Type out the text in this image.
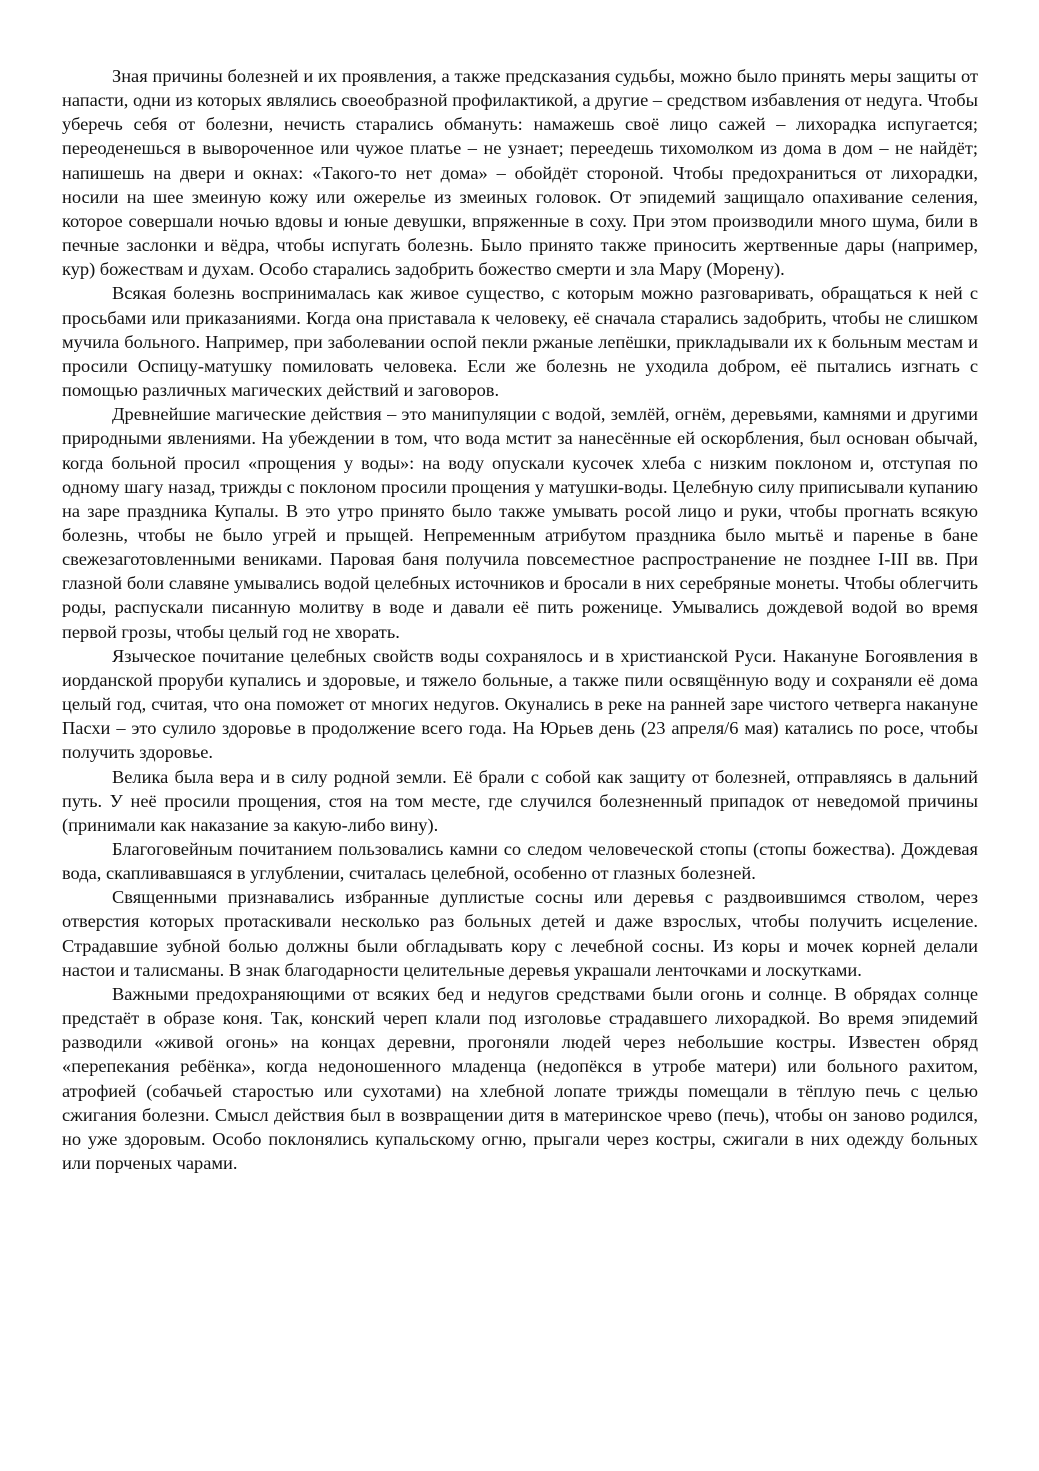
Зная причины болезней и их проявления, а также предсказания судьбы, можно было принять меры защиты от напасти, одни из которых являлись своеобразной профилактикой, а другие – средством избавления от недуга. Чтобы уберечь себя от болезни, нечисть старались обмануть: намажешь своё лицо сажей – лихорадка испугается; переоденешься в вывороченное или чужое платье – не узнает; переедешь тихомолком из дома в дом – не найдёт; напишешь на двери и окнах: «Такого-то нет дома» – обойдёт стороной. Чтобы предохраниться от лихорадки, носили на шее змеиную кожу или ожерелье из змеиных головок. От эпидемий защищало опахивание селения, которое совершали ночью вдовы и юные девушки, впряженные в соху. При этом производили много шума, били в печные заслонки и вёдра, чтобы испугать болезнь. Было принято также приносить жертвенные дары (например, кур) божествам и духам. Особо старались задобрить божество смерти и зла Мару (Морену).

Всякая болезнь воспринималась как живое существо, с которым можно разговаривать, обращаться к ней с просьбами или приказаниями. Когда она приставала к человеку, её сначала старались задобрить, чтобы не слишком мучила больного. Например, при заболевании оспой пекли ржаные лепёшки, прикладывали их к больным местам и просили Оспицу-матушку помиловать человека. Если же болезнь не уходила добром, её пытались изгнать с помощью различных магических действий и заговоров.

Древнейшие магические действия – это манипуляции с водой, землёй, огнём, деревьями, камнями и другими природными явлениями. На убеждении в том, что вода мстит за нанесённые ей оскорбления, был основан обычай, когда больной просил «прощения у воды»: на воду опускали кусочек хлеба с низким поклоном и, отступая по одному шагу назад, трижды с поклоном просили прощения у матушки-воды. Целебную силу приписывали купанию на заре праздника Купалы. В это утро принято было также умывать росой лицо и руки, чтобы прогнать всякую болезнь, чтобы не было угрей и прыщей. Непременным атрибутом праздника было мытьё и паренье в бане свежезаготовленными вениками. Паровая баня получила повсеместное распространение не позднее I-III вв. При глазной боли славяне умывались водой целебных источников и бросали в них серебряные монеты. Чтобы облегчить роды, распускали писанную молитву в воде и давали её пить роженице. Умывались дождевой водой во время первой грозы, чтобы целый год не хворать.

Языческое почитание целебных свойств воды сохранялось и в христианской Руси. Накануне Богоявления в иорданской проруби купались и здоровые, и тяжело больные, а также пили освящённую воду и сохраняли её дома целый год, считая, что она поможет от многих недугов. Окунались в реке на ранней заре чистого четверга накануне Пасхи – это сулило здоровье в продолжение всего года. На Юрьев день (23 апреля/6 мая) катались по росе, чтобы получить здоровье.

Велика была вера и в силу родной земли. Её брали с собой как защиту от болезней, отправляясь в дальний путь. У неё просили прощения, стоя на том месте, где случился болезненный припадок от неведомой причины (принимали как наказание за какую-либо вину).

Благоговейным почитанием пользовались камни со следом человеческой стопы (стопы божества). Дождевая вода, скапливавшаяся в углублении, считалась целебной, особенно от глазных болезней.

Священными признавались избранные дуплистые сосны или деревья с раздвоившимся стволом, через отверстия которых протаскивали несколько раз больных детей и даже взрослых, чтобы получить исцеление. Страдавшие зубной болью должны были обгладывать кору с лечебной сосны. Из коры и мочек корней делали настои и талисманы. В знак благодарности целительные деревья украшали ленточками и лоскутками.

Важными предохраняющими от всяких бед и недугов средствами были огонь и солнце. В обрядах солнце предстаёт в образе коня. Так, конский череп клали под изголовье страдавшего лихорадкой. Во время эпидемий разводили «живой огонь» на концах деревни, прогоняли людей через небольшие костры. Известен обряд «перепекания ребёнка», когда недоношенного младенца (недопёкся в утробе матери) или больного рахитом, атрофией (собачьей старостью или сухотами) на хлебной лопате трижды помещали в тёплую печь с целью сжигания болезни. Смысл действия был в возвращении дитя в материнское чрево (печь), чтобы он заново родился, но уже здоровым. Особо поклонялись купальскому огню, прыгали через костры, сжигали в них одежду больных или порченых чарами.
